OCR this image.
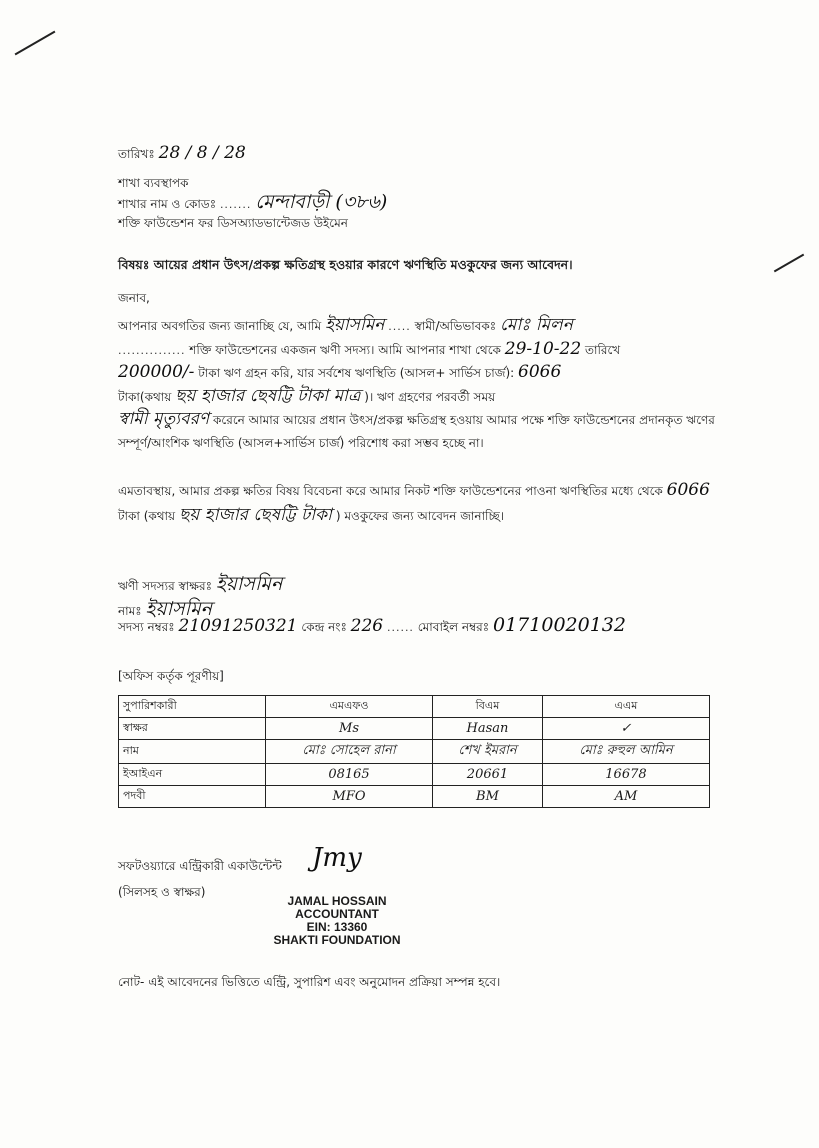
তারিখঃ 28 / 8 / 28
শাখা ব্যবস্থাপক
শাখার নাম ও কোডঃ ....... মেন্দাবাড়ী (৩৮৬)
শক্তি ফাউন্ডেশন ফর ডিসঅ্যাডভান্টেজড উইমেন
বিষয়ঃ আয়ের প্রধান উৎস/প্রকল্প ক্ষতিগ্রস্থ হওয়ার কারণে ঋণস্থিতি মওকুফের জন্য আবেদন।
জনাব,
আপনার অবগতির জন্য জানাচ্ছি যে, আমি ইয়াসমিন ..... স্বামী/অভিভাবকঃ মোঃ মিলন
............... শক্তি ফাউন্ডেশনের একজন ঋণী সদস্য। আমি আপনার শাখা থেকে 29-10-22 তারিখে
200000/- টাকা ঋণ গ্রহন করি, যার সর্বশেষ ঋণস্থিতি (আসল+ সার্ভিস চার্জ): 6066
টাকা(কথায় ছয় হাজার ছেষট্টি টাকা মাত্র )। ঋণ গ্রহণের পরবর্তী সময়
স্বামী মৃত্যুবরণ করেনে আমার আয়ের প্রধান উৎস/প্রকল্প ক্ষতিগ্রস্থ হওয়ায় আমার পক্ষে শক্তি ফাউন্ডেশনের প্রদানকৃত ঋণের সম্পূর্ণ/আংশিক ঋণস্থিতি (আসল+সার্ভিস চার্জ) পরিশোধ করা সম্ভব হচ্ছে না।
এমতাবস্থায়, আমার প্রকল্প ক্ষতির বিষয় বিবেচনা করে আমার নিকট শক্তি ফাউন্ডেশনের পাওনা ঋণস্থিতির মধ্যে থেকে 6066 টাকা (কথায় ছয় হাজার ছেষট্টি টাকা ) মওকুফের জন্য আবেদন জানাচ্ছি।
ঋণী সদস্যর স্বাক্ষরঃ ইয়াসমিন
নামঃ ইয়াসমিন
সদস্য নম্বরঃ 21091250321 কেন্দ্র নংঃ 226 ...... মোবাইল নম্বরঃ 01710020132
[অফিস কর্তৃক পূরণীয়]
সুপারিশকারী	এমএফও	বিএম	এএম
স্বাক্ষর	Ms	Hasan	✓
নাম	মোঃ সোহেল রানা	শেখ ইমরান	মোঃ রুহুল আমিন
ইআইএন	08165	20661	16678
পদবী	MFO	BM	AM
সফটওয়্যারে এন্ট্রিকারী একাউন্টেন্ট Jmy
(সিলসহ ও স্বাক্ষর)
JAMAL HOSSAIN
ACCOUNTANT
EIN: 13360
SHAKTI FOUNDATION
নোট- এই আবেদনের ভিত্তিতে এন্ট্রি, সুপারিশ এবং অনুমোদন প্রক্রিয়া সম্পন্ন হবে।
